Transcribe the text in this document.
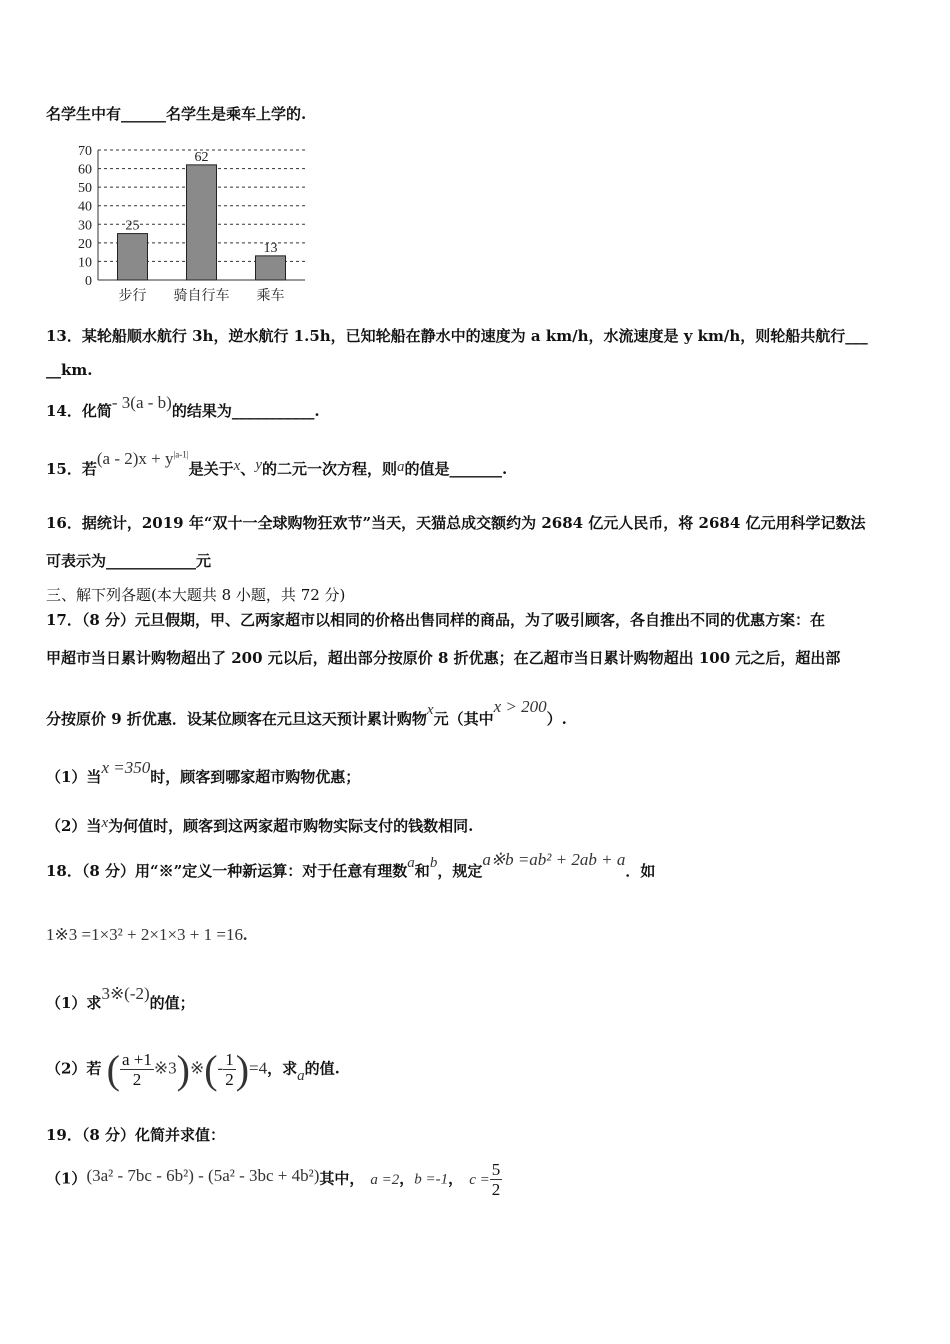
名学生中有______名学生是乘车上学的.
0
10
20
30
40
50
60
70
25
62
13
步行 骑自行车 乘车
13．某轮船顺水航行 3h，逆水航行 1.5h，已知轮船在静水中的速度为 a km/h，水流速度是 y km/h，则轮船共航行___
__km.
14．化简- 3(a - b)的结果为___________.
15．若$(a - 2)x + y^{|a-1|}$是关于x、y的二元一次方程，则a的值是_______.
16．据统计，2019 年“双十一全球购物狂欢节”当天，天猫总成交额约为 2684 亿元人民币，将 2684 亿元用科学记数法
可表示为____________元
三、解下列各题(本大题共 8 小题，共 72 分)
17．（8 分）元旦假期，甲、乙两家超市以相同的价格出售同样的商品，为了吸引顾客，各自推出不同的优惠方案：在
甲超市当日累计购物超出了 200 元以后，超出部分按原价 8 折优惠；在乙超市当日累计购物超出 100 元之后，超出部
分按原价 9 折优惠．设某位顾客在元旦这天预计累计购物x元（其中x > 200）.
（1）当x =350时，顾客到哪家超市购物优惠；
（2）当x为何值时，顾客到这两家超市购物实际支付的钱数相同.
18．（8 分）用“※”定义一种新运算：对于任意有理数a和b，规定a※b =ab² + 2ab + a．如
1※3 =1×3² + 2×1×3 + 1 =16.
（1）求3※(-2)的值；
（2）若 ( $\frac{a +1}{2}$ ※3)※(- $\frac{1}{2} )=4$，求a的值.
19．（8 分）化简并求值：
（1）(3a² - 7bc - 6b²) - (5a² - 3bc + 4b²)其中， a =2，b =-1， $c = \frac{5}{2}$
